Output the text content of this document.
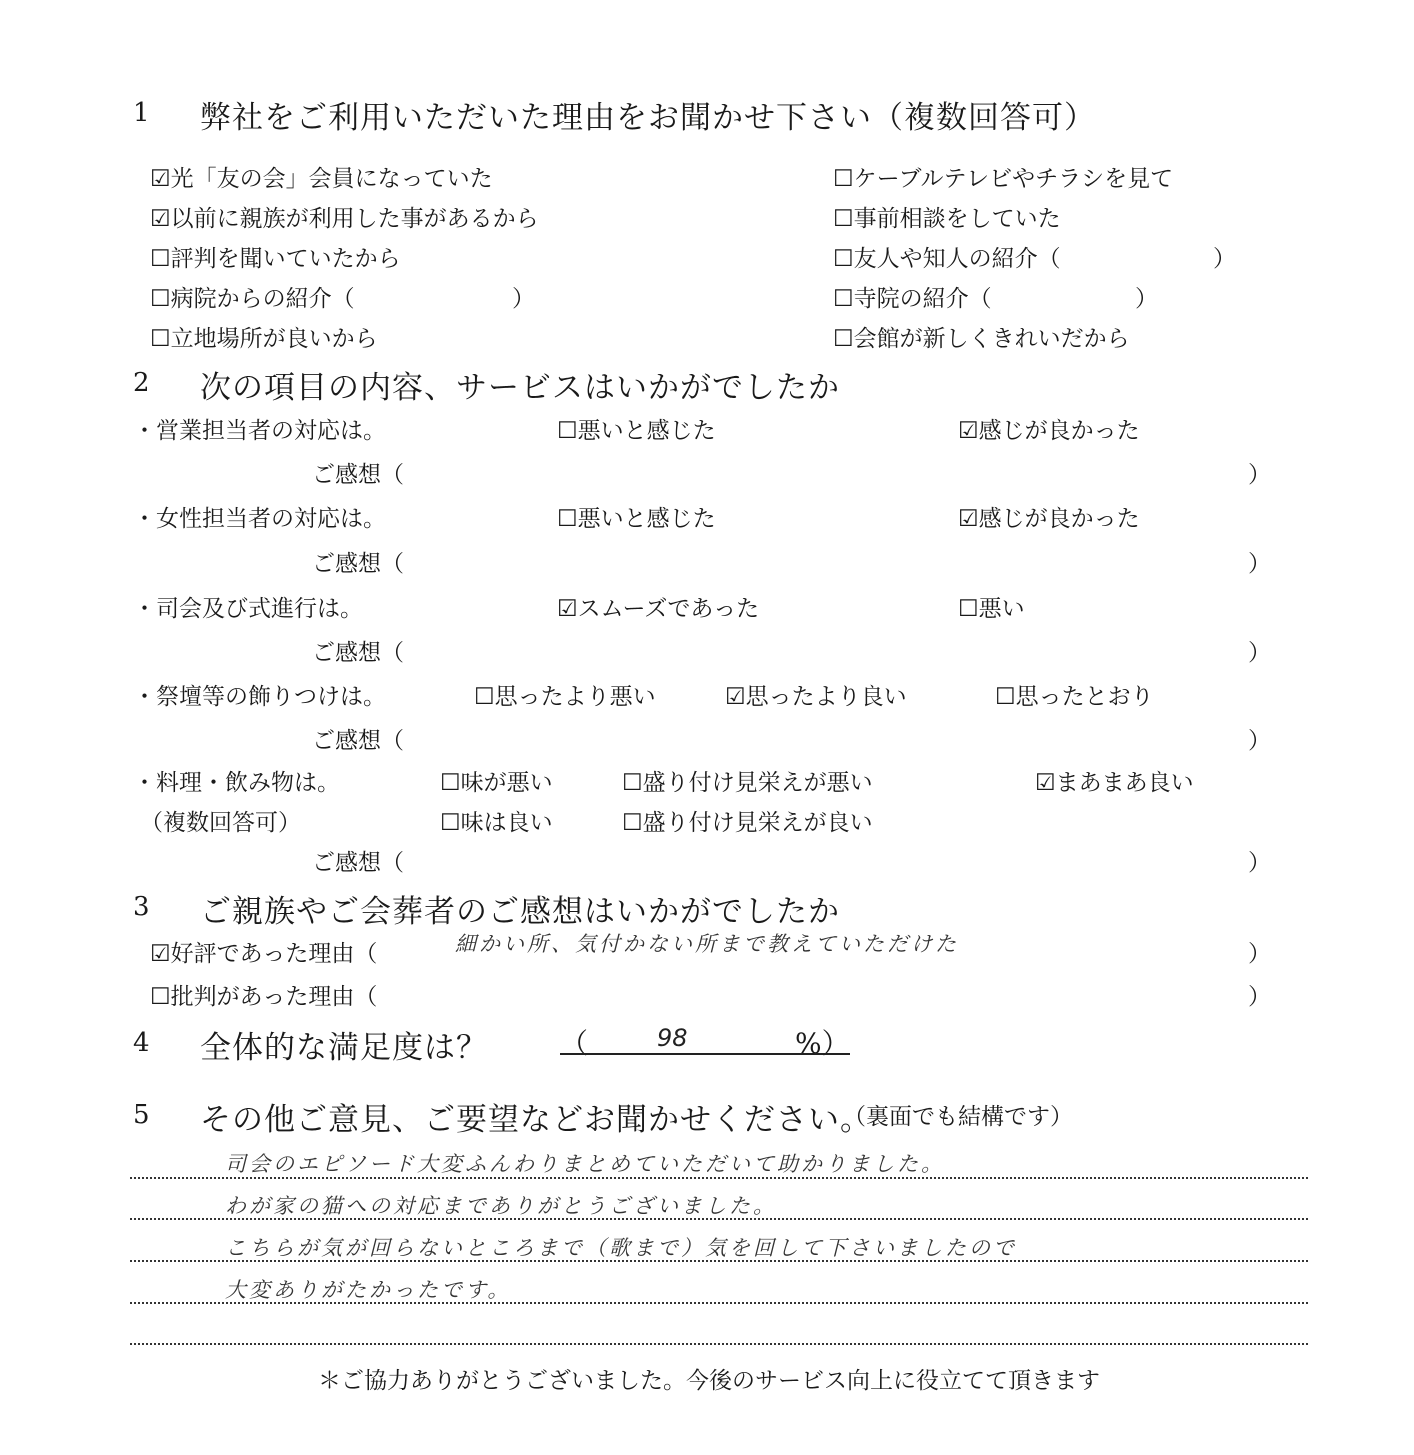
1 弊社をご利用いただいた理由をお聞かせ下さい（複数回答可）
☑光「友の会」会員になっていた
☑以前に親族が利用した事があるから
☐評判を聞いていたから
☐病院からの紹介（	）
☐立地場所が良いから
☐ケーブルテレビやチラシを見て
☐事前相談をしていた
☐友人や知人の紹介（	）
☐寺院の紹介（	）
☐会館が新しくきれいだから
2 次の項目の内容、サービスはいかがでしたか
・営業担当者の対応は。	☐悪いと感じた	☑感じが良かった
ご感想（	）
・女性担当者の対応は。	☐悪いと感じた	☑感じが良かった
ご感想（	）
・司会及び式進行は。	☑スムーズであった	☐悪い
ご感想（	）
・祭壇等の飾りつけは。	☐思ったより悪い	☑思ったより良い	☐思ったとおり
ご感想（	）
・料理・飲み物は。
（複数回答可）
☐味が悪い	☐盛り付け見栄えが悪い	☑まあまあ良い
☐味は良い	☐盛り付け見栄えが良い
ご感想（	）
3 ご親族やご会葬者のご感想はいかがでしたか
☑好評であった理由（	細かい所、気付かない所まで教えていただけた	）
☐批判があった理由（	）
4 全体的な満足度は？	（	98	%）
5 その他ご意見、ご要望などお聞かせください。
（裏面でも結構です）
司会のエピソード大変ふんわりまとめていただいて助かりました。
わが家の猫への対応までありがとうございました。
こちらが気が回らないところまで（歌まで）気を回して下さいましたので
大変ありがたかったです。
＊ご協力ありがとうございました。今後のサービス向上に役立てて頂きます
